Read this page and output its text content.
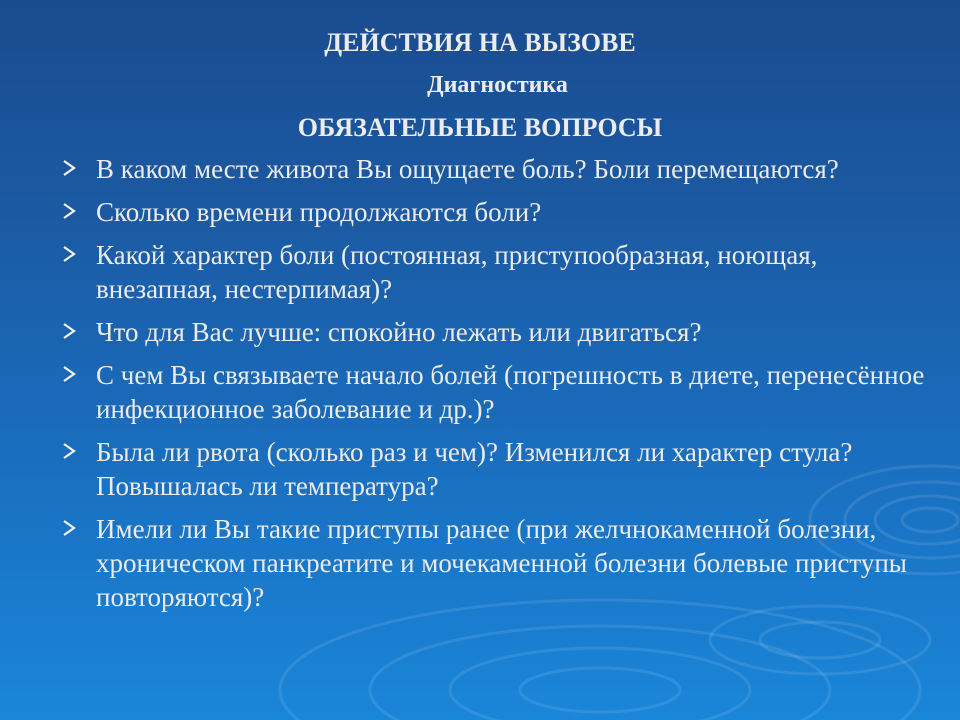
ДЕЙСТВИЯ НА ВЫЗОВЕ
Диагностика
ОБЯЗАТЕЛЬНЫЕ ВОПРОСЫ
В каком месте живота Вы ощущаете боль? Боли перемещаются?
Сколько времени продолжаются боли?
Какой характер боли (постоянная, приступообразная, ноющая, внезапная, нестерпимая)?
Что для Вас лучше: спокойно лежать или двигаться?
С чем Вы связываете начало болей (погрешность в диете, перенесённое инфекционное заболевание и др.)?
Была ли рвота (сколько раз и чем)? Изменился ли характер стула? Повышалась ли температура?
Имели ли Вы такие приступы ранее (при желчнокаменной болезни, хроническом панкреатите и мочекаменной болезни болевые приступы повторяются)?
